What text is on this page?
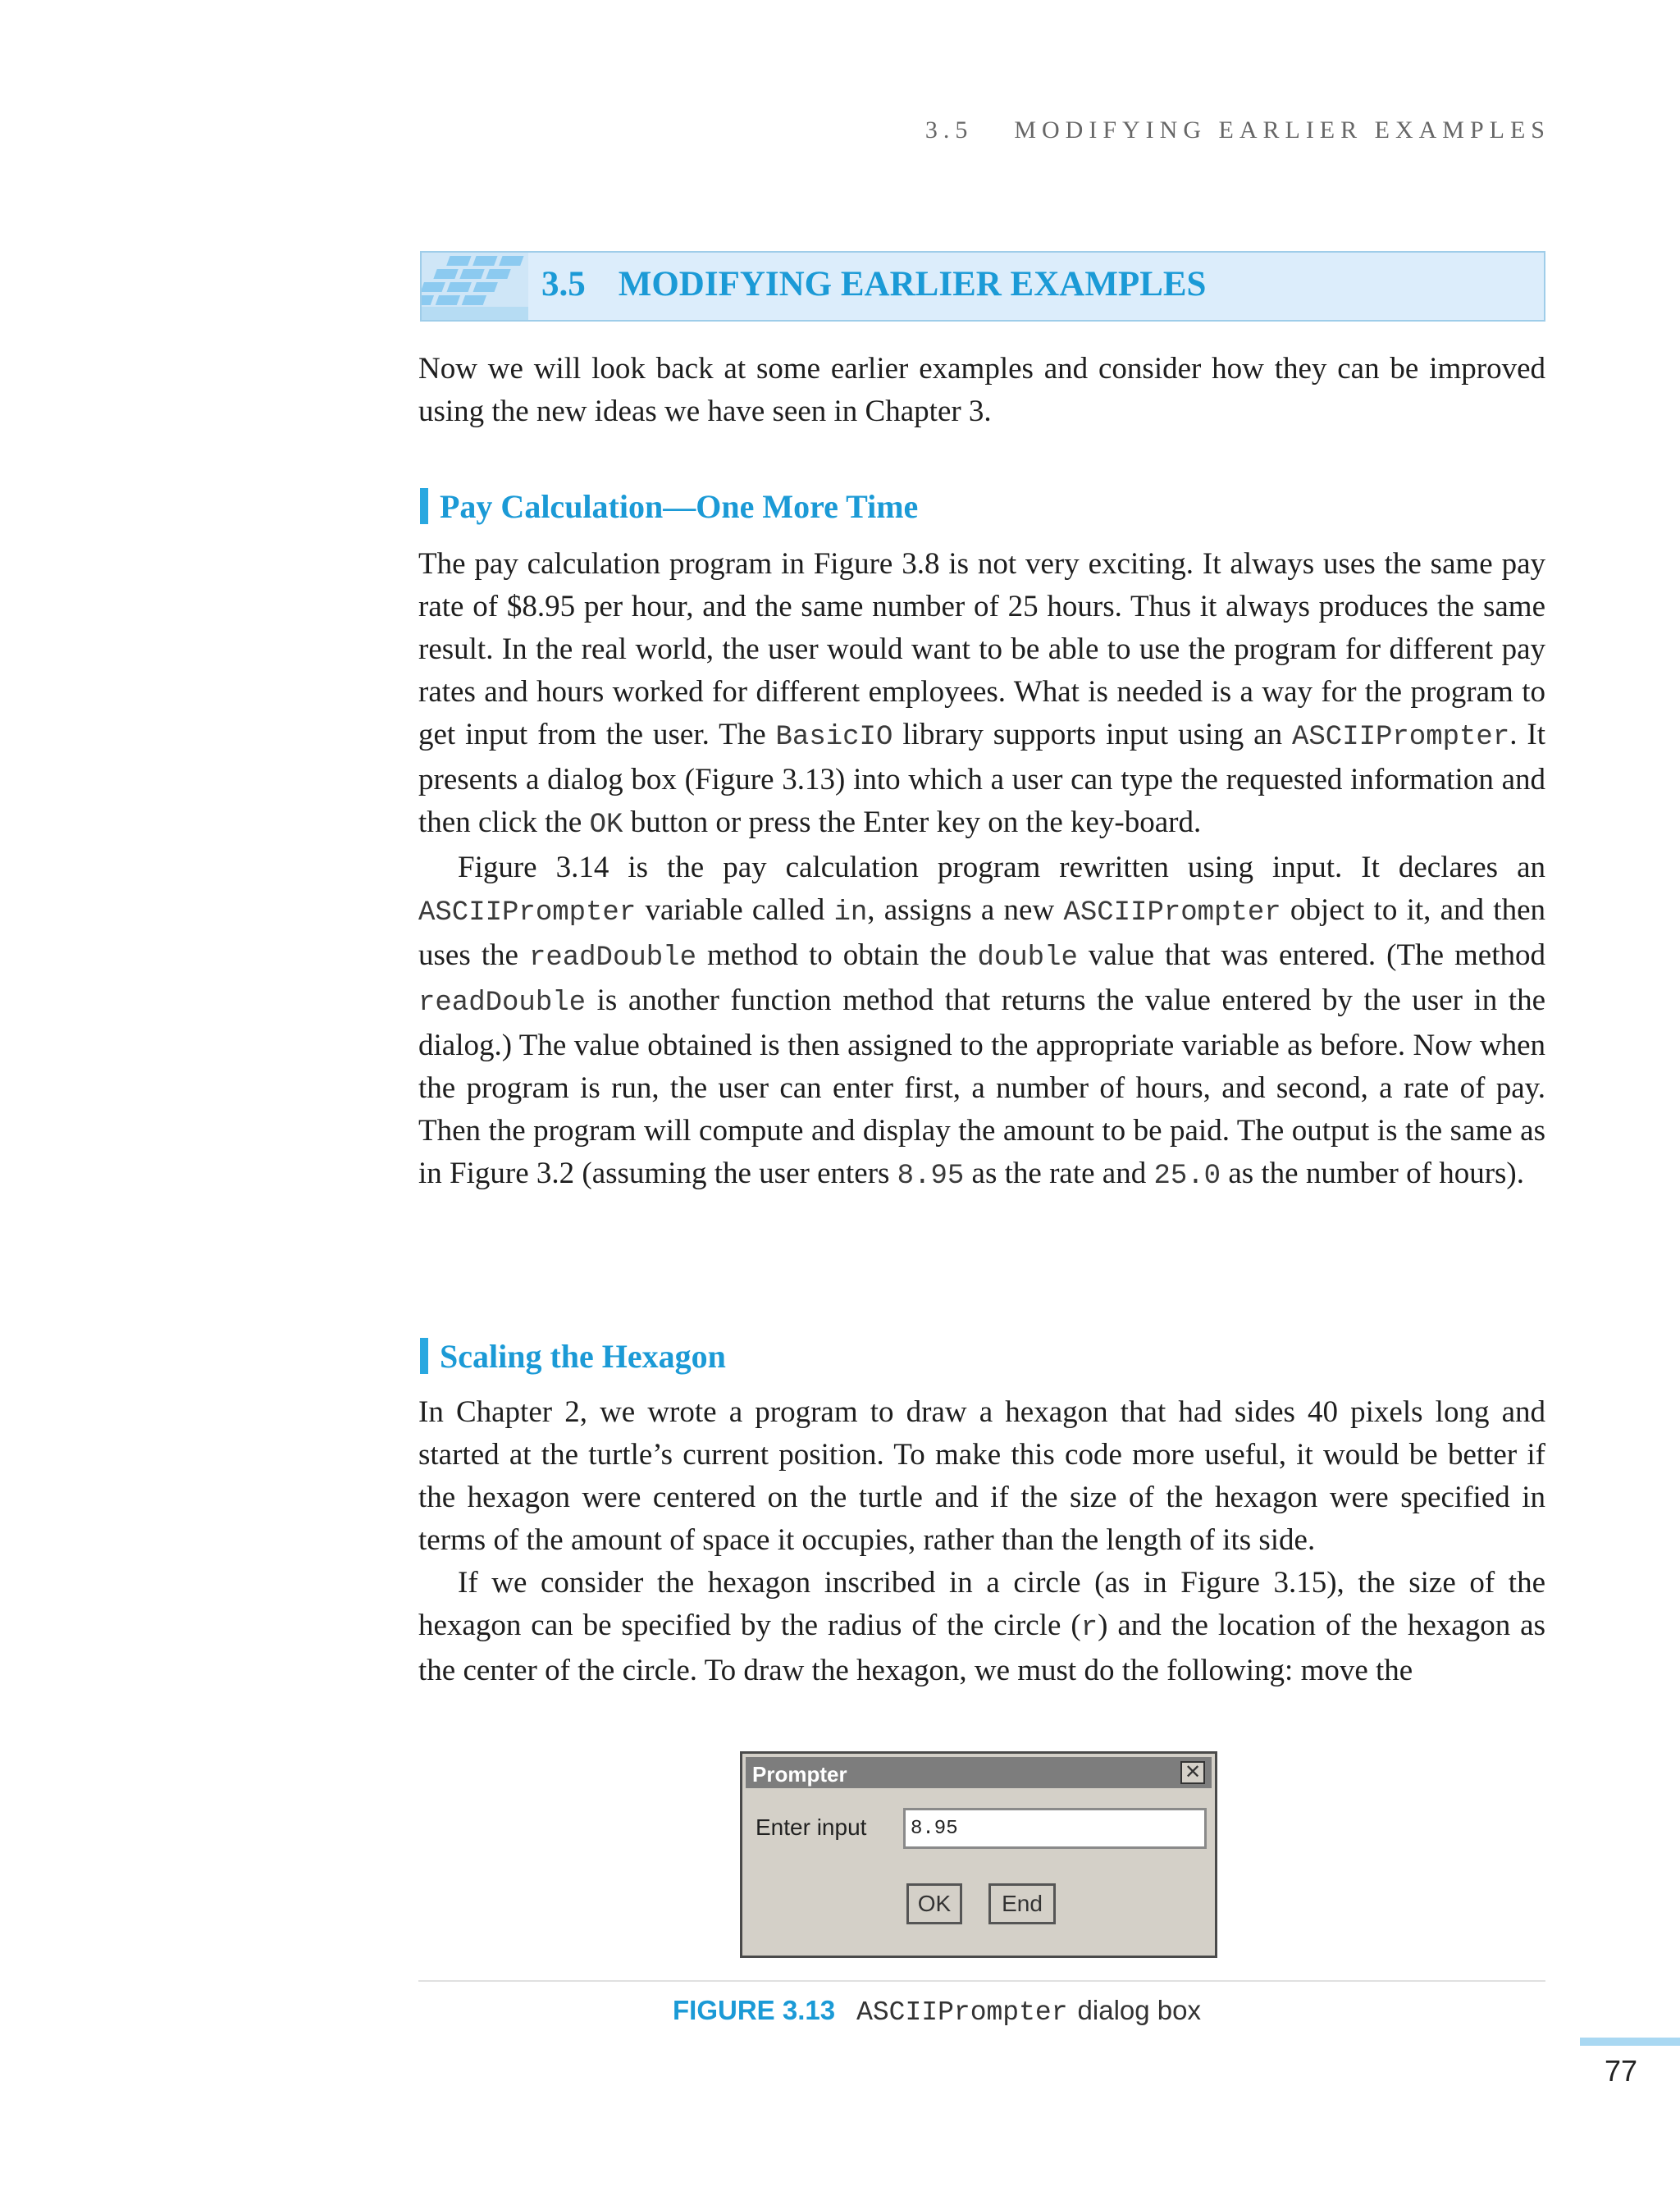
3.5 MODIFYING EARLIER EXAMPLES
3.5 MODIFYING EARLIER EXAMPLES

Now we will look back at some earlier examples and consider how they can be improved using the new ideas we have seen in Chapter 3.

Pay Calculation—One More Time

The pay calculation program in Figure 3.8 is not very exciting. It always uses the same pay rate of $8.95 per hour, and the same number of 25 hours. Thus it always produces the same result. In the real world, the user would want to be able to use the program for different pay rates and hours worked for different employees. What is needed is a way for the program to get input from the user. The BasicIO library supports input using an ASCIIPrompter. It presents a dialog box (Figure 3.13) into which a user can type the requested information and then click the OK button or press the Enter key on the key-board.

Figure 3.14 is the pay calculation program rewritten using input. It declares an ASCIIPrompter variable called in, assigns a new ASCIIPrompter object to it, and then uses the readDouble method to obtain the double value that was entered. (The method readDouble is another function method that returns the value entered by the user in the dialog.) The value obtained is then assigned to the appropriate variable as before. Now when the program is run, the user can enter first, a number of hours, and second, a rate of pay. Then the program will compute and display the amount to be paid. The output is the same as in Figure 3.2 (assuming the user enters 8.95 as the rate and 25.0 as the number of hours).

Scaling the Hexagon

In Chapter 2, we wrote a program to draw a hexagon that had sides 40 pixels long and started at the turtle’s current position. To make this code more useful, it would be better if the hexagon were centered on the turtle and if the size of the hexagon were specified in terms of the amount of space it occupies, rather than the length of its side.

If we consider the hexagon inscribed in a circle (as in Figure 3.15), the size of the hexagon can be specified by the radius of the circle (r) and the location of the hexagon as the center of the circle. To draw the hexagon, we must do the following: move the

Prompter	✕
Enter input	8.95
OK	End
FIGURE 3.13 ASCIIPrompter dialog box
77
